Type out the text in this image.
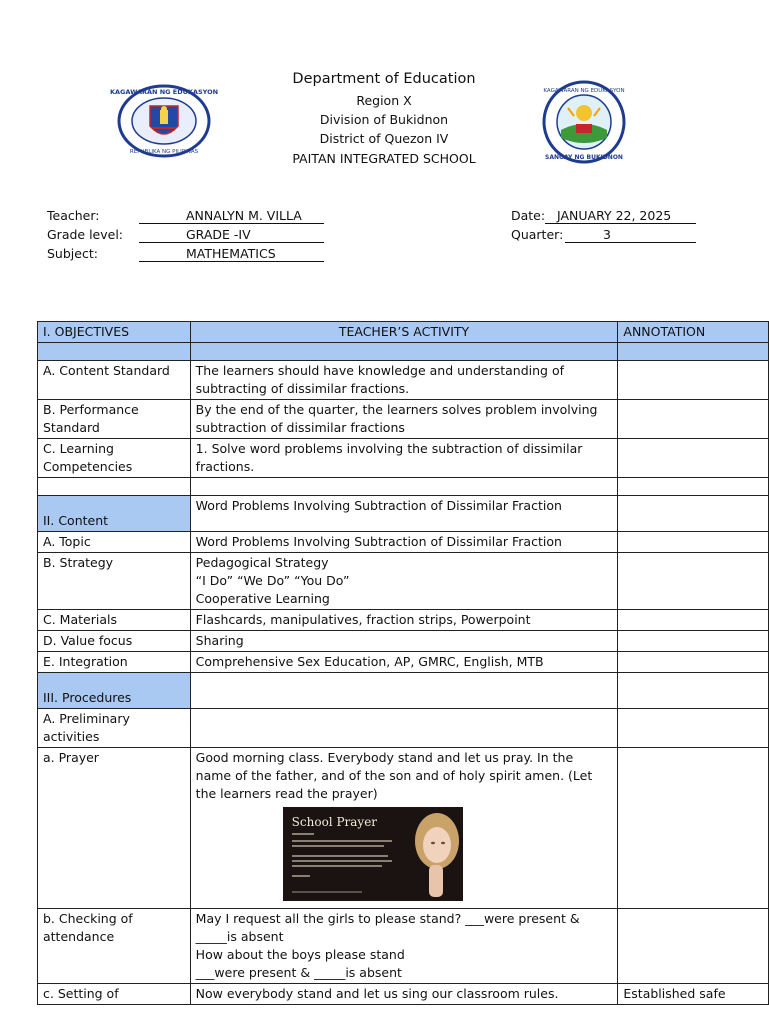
Department of Education
Region X
Division of Bukidnon
District of Quezon IV
PAITAN INTEGRATED SCHOOL
KAGAWARAN NG EDUKASYON
REPUBLIKA NG PILIPINAS
KAGAWARAN NG EDUKASYON
SANGAY NG BUKIDNON
Teacher:	ANNALYN M. VILLA
Grade level:	GRADE -IV
Subject:	MATHEMATICS
Date: JANUARY 22, 2025
Quarter:	3
I. OBJECTIVES	TEACHER’S ACTIVITY	ANNOTATION

A. Content Standard	The learners should have knowledge and understanding of subtracting of dissimilar fractions.	
B. Performance Standard	By the end of the quarter, the learners solves problem involving subtraction of dissimilar fractions	
C. Learning Competencies	1. Solve word problems involving the subtraction of dissimilar fractions.	

II. Content	Word Problems Involving Subtraction of Dissimilar Fraction	
A. Topic	Word Problems Involving Subtraction of Dissimilar Fraction	
B. Strategy	Pedagogical Strategy
“I Do” “We Do” “You Do”
Cooperative Learning	

C. Materials	Flashcards, manipulatives, fraction strips, Powerpoint	
D. Value focus	Sharing	
E. Integration	Comprehensive Sex Education, AP, GMRC, English, MTB	
III. Procedures		
A. Preliminary activities		
a. Prayer	Good morning class. Everybody stand and let us pray. In the name of the father, and of the son and of holy spirit amen. (Let the learners read the prayer)
School Prayer	

b. Checking of attendance	May I request all the girls to please stand? ___were present & _____is absent
How about the boys please stand
___were present & _____is absent	

c. Setting of	Now everybody stand and let us sing our classroom rules.	Established safe
